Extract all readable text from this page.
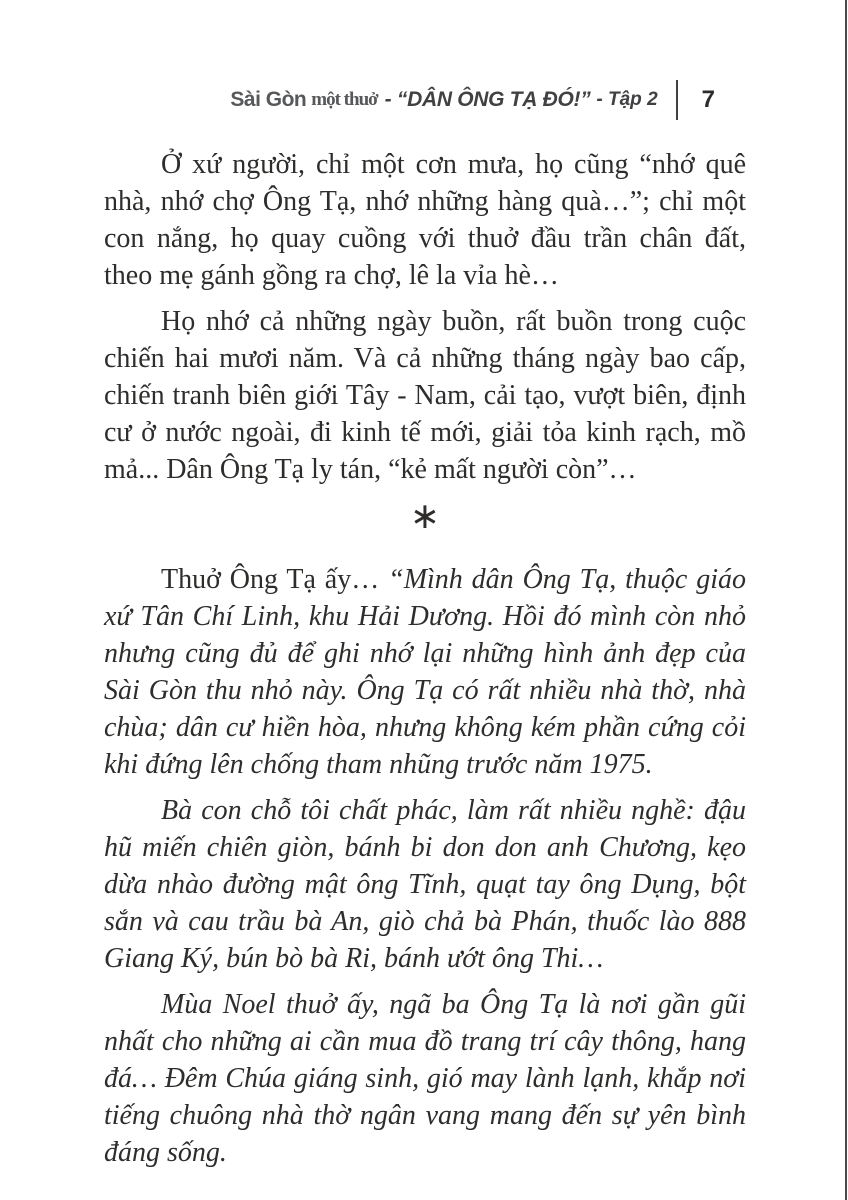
Sài Gòn một thuở - “DÂN ÔNG TẠ ĐÓ!” - Tập 2 7

Ở xứ người, chỉ một cơn mưa, họ cũng “nhớ quê nhà, nhớ chợ Ông Tạ, nhớ những hàng quà…”; chỉ một con nắng, họ quay cuồng với thuở đầu trần chân đất, theo mẹ gánh gồng ra chợ, lê la vỉa hè…

Họ nhớ cả những ngày buồn, rất buồn trong cuộc chiến hai mươi năm. Và cả những tháng ngày bao cấp, chiến tranh biên giới Tây - Nam, cải tạo, vượt biên, định cư ở nước ngoài, đi kinh tế mới, giải tỏa kinh rạch, mồ mả... Dân Ông Tạ ly tán, “kẻ mất người còn”…

∗

Thuở Ông Tạ ấy… “Mình dân Ông Tạ, thuộc giáo xứ Tân Chí Linh, khu Hải Dương. Hồi đó mình còn nhỏ nhưng cũng đủ để ghi nhớ lại những hình ảnh đẹp của Sài Gòn thu nhỏ này. Ông Tạ có rất nhiều nhà thờ, nhà chùa; dân cư hiền hòa, nhưng không kém phần cứng cỏi khi đứng lên chống tham nhũng trước năm 1975.

Bà con chỗ tôi chất phác, làm rất nhiều nghề: đậu hũ miến chiên giòn, bánh bi don don anh Chương, kẹo dừa nhào đường mật ông Tĩnh, quạt tay ông Dụng, bột sắn và cau trầu bà An, giò chả bà Phán, thuốc lào 888 Giang Ký, bún bò bà Ri, bánh ướt ông Thi…

Mùa Noel thuở ấy, ngã ba Ông Tạ là nơi gần gũi nhất cho những ai cần mua đồ trang trí cây thông, hang đá… Đêm Chúa giáng sinh, gió may lành lạnh, khắp nơi tiếng chuông nhà thờ ngân vang mang đến sự yên bình đáng sống.
